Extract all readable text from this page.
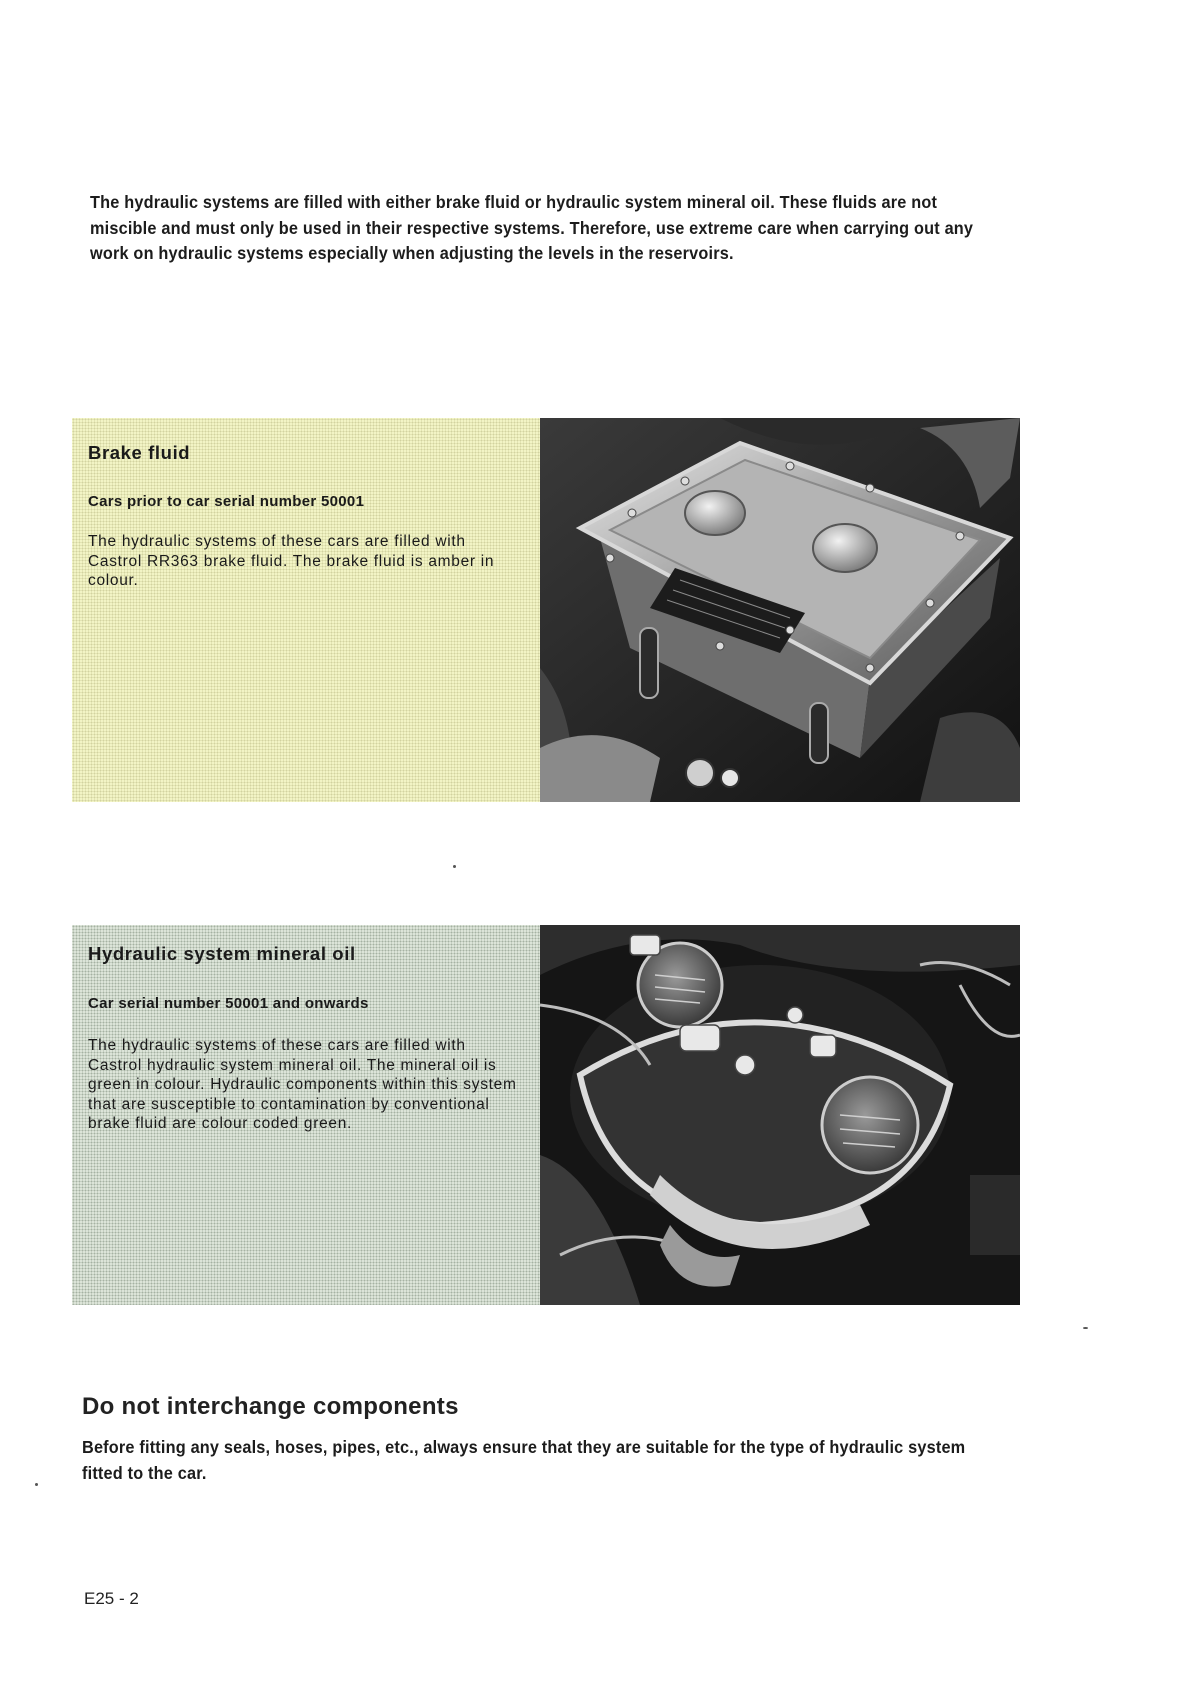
The hydraulic systems are filled with either brake fluid or hydraulic system mineral oil. These fluids are not miscible and must only be used in their respective systems. Therefore, use extreme care when carrying out any work on hydraulic systems especially when adjusting the levels in the reservoirs.

Brake fluid
Cars prior to car serial number 50001

The hydraulic systems of these cars are filled with Castrol RR363 brake fluid. The brake fluid is amber in colour.

Hydraulic system mineral oil
Car serial number 50001 and onwards

The hydraulic systems of these cars are filled with Castrol hydraulic system mineral oil. The mineral oil is green in colour. Hydraulic components within this system that are susceptible to contamination by conventional brake fluid are colour coded green.

Do not interchange components

Before fitting any seals, hoses, pipes, etc., always ensure that they are suitable for the type of hydraulic system fitted to the car.

E25 - 2
